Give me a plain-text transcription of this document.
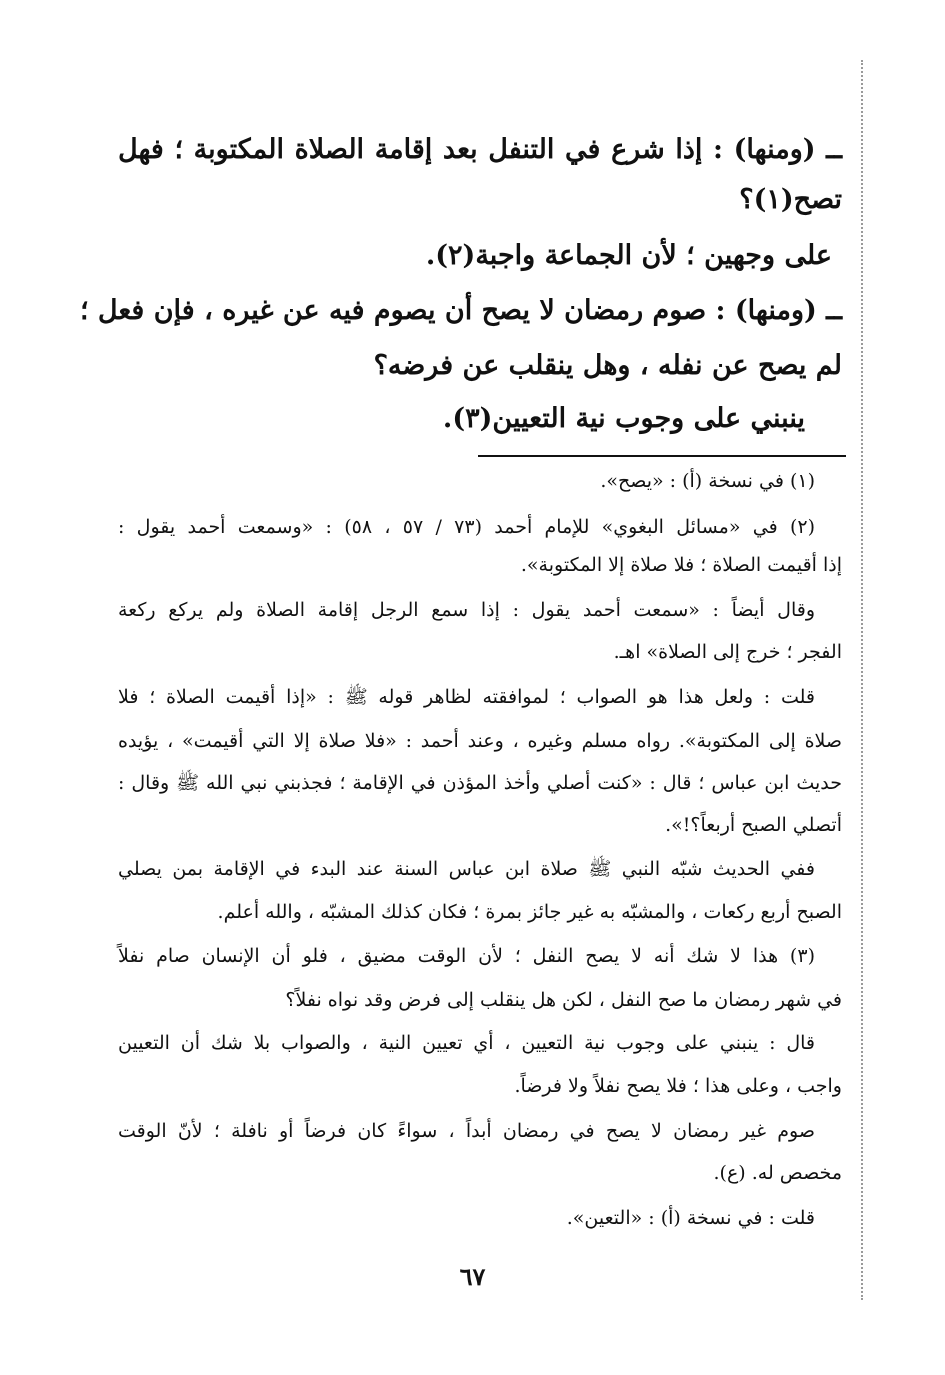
ــ (ومنها) : إذا شرع في التنفل بعد إقامة الصلاة المكتوبة ؛ فهل
تصح(١)؟
على وجهين ؛ لأن الجماعة واجبة(٢).
ــ (ومنها) : صوم رمضان لا يصح أن يصوم فيه عن غيره ، فإن فعل ؛
لم يصح عن نفله ، وهل ينقلب عن فرضه؟
ينبني على وجوب نية التعيين(٣).
(١) في نسخة (أ) : «يصح».
(٢) في «مسائل البغوي» للإمام أحمد (٧٣ / ٥٧ ، ٥٨) : «وسمعت أحمد يقول :
إذا أقيمت الصلاة ؛ فلا صلاة إلا المكتوبة».
وقال أيضاً : «سمعت أحمد يقول : إذا سمع الرجل إقامة الصلاة ولم يركع ركعة
الفجر ؛ خرج إلى الصلاة» اهـ.
قلت : ولعل هذا هو الصواب ؛ لموافقته لظاهر قوله ﷺ : «إذا أقيمت الصلاة ؛ فلا
صلاة إلى المكتوبة». رواه مسلم وغيره ، وعند أحمد : «فلا صلاة إلا التي أقيمت» ، يؤيده
حديث ابن عباس ؛ قال : «كنت أصلي وأخذ المؤذن في الإقامة ؛ فجذبني نبي الله ﷺ وقال :
أتصلي الصبح أربعاً؟!».
ففي الحديث شبّه النبي ﷺ صلاة ابن عباس السنة عند البدء في الإقامة بمن يصلي
الصبح أربع ركعات ، والمشبّه به غير جائز بمرة ؛ فكان كذلك المشبّه ، والله أعلم.
(٣) هذا لا شك أنه لا يصح النفل ؛ لأن الوقت مضيق ، فلو أن الإنسان صام نفلاً
في شهر رمضان ما صح النفل ، لكن هل ينقلب إلى فرض وقد نواه نفلاً؟
قال : ينبني على وجوب نية التعيين ، أي تعيين النية ، والصواب بلا شك أن التعيين
واجب ، وعلى هذا ؛ فلا يصح نفلاً ولا فرضاً.
صوم غير رمضان لا يصح في رمضان أبداً ، سواءً كان فرضاً أو نافلة ؛ لأنّ الوقت
مخصص له. (ع).
قلت : في نسخة (أ) : «التعين».
٦٧
